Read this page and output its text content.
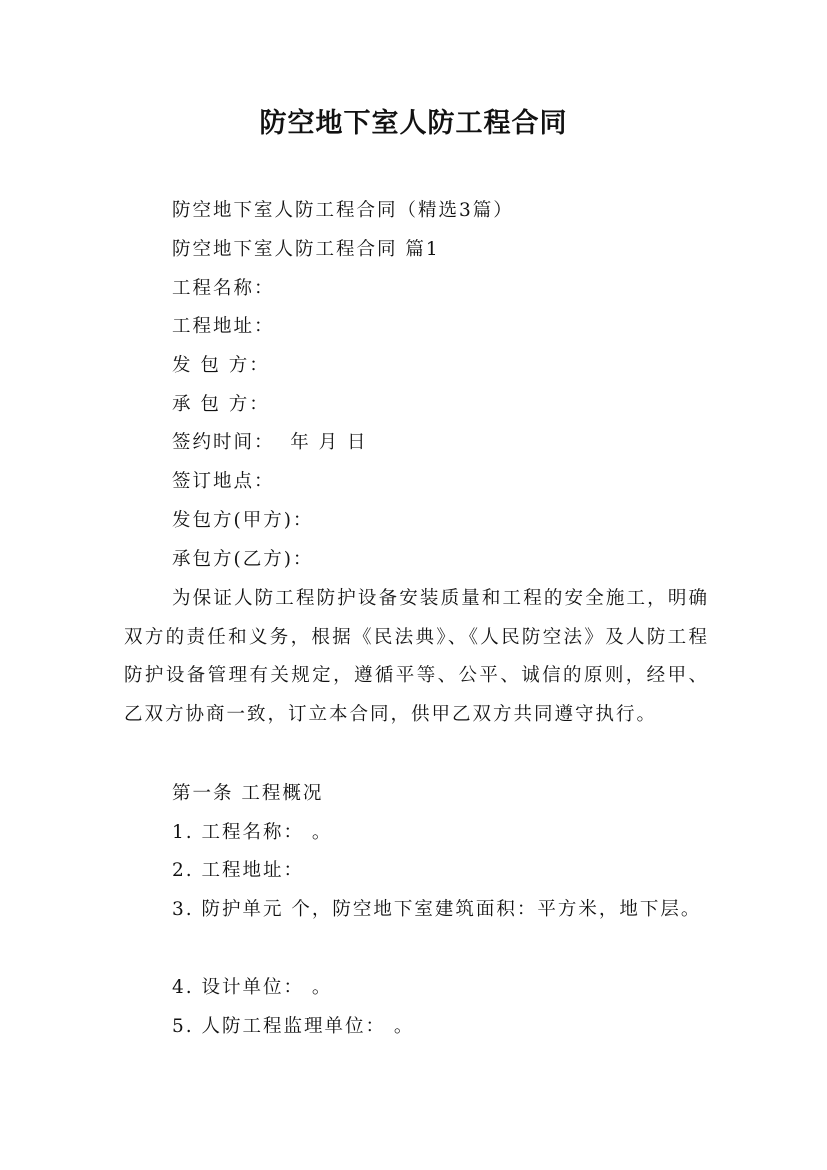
防空地下室人防工程合同

防空地下室人防工程合同（精选3篇）

防空地下室人防工程合同 篇1

工程名称：

工程地址：

发 包 方：

承 包 方：

签约时间：  年 月 日

签订地点：

发包方(甲方)：

承包方(乙方)：

为保证人防工程防护设备安装质量和工程的安全施工，明确双方的责任和义务，根据《民法典》、《人民防空法》及人防工程防护设备管理有关规定，遵循平等、公平、诚信的原则，经甲、乙双方协商一致，订立本合同，供甲乙双方共同遵守执行。

第一条 工程概况

1. 工程名称： 。

2. 工程地址：

3. 防护单元 个，防空地下室建筑面积：平方米，地下层。

4. 设计单位： 。

5. 人防工程监理单位： 。
